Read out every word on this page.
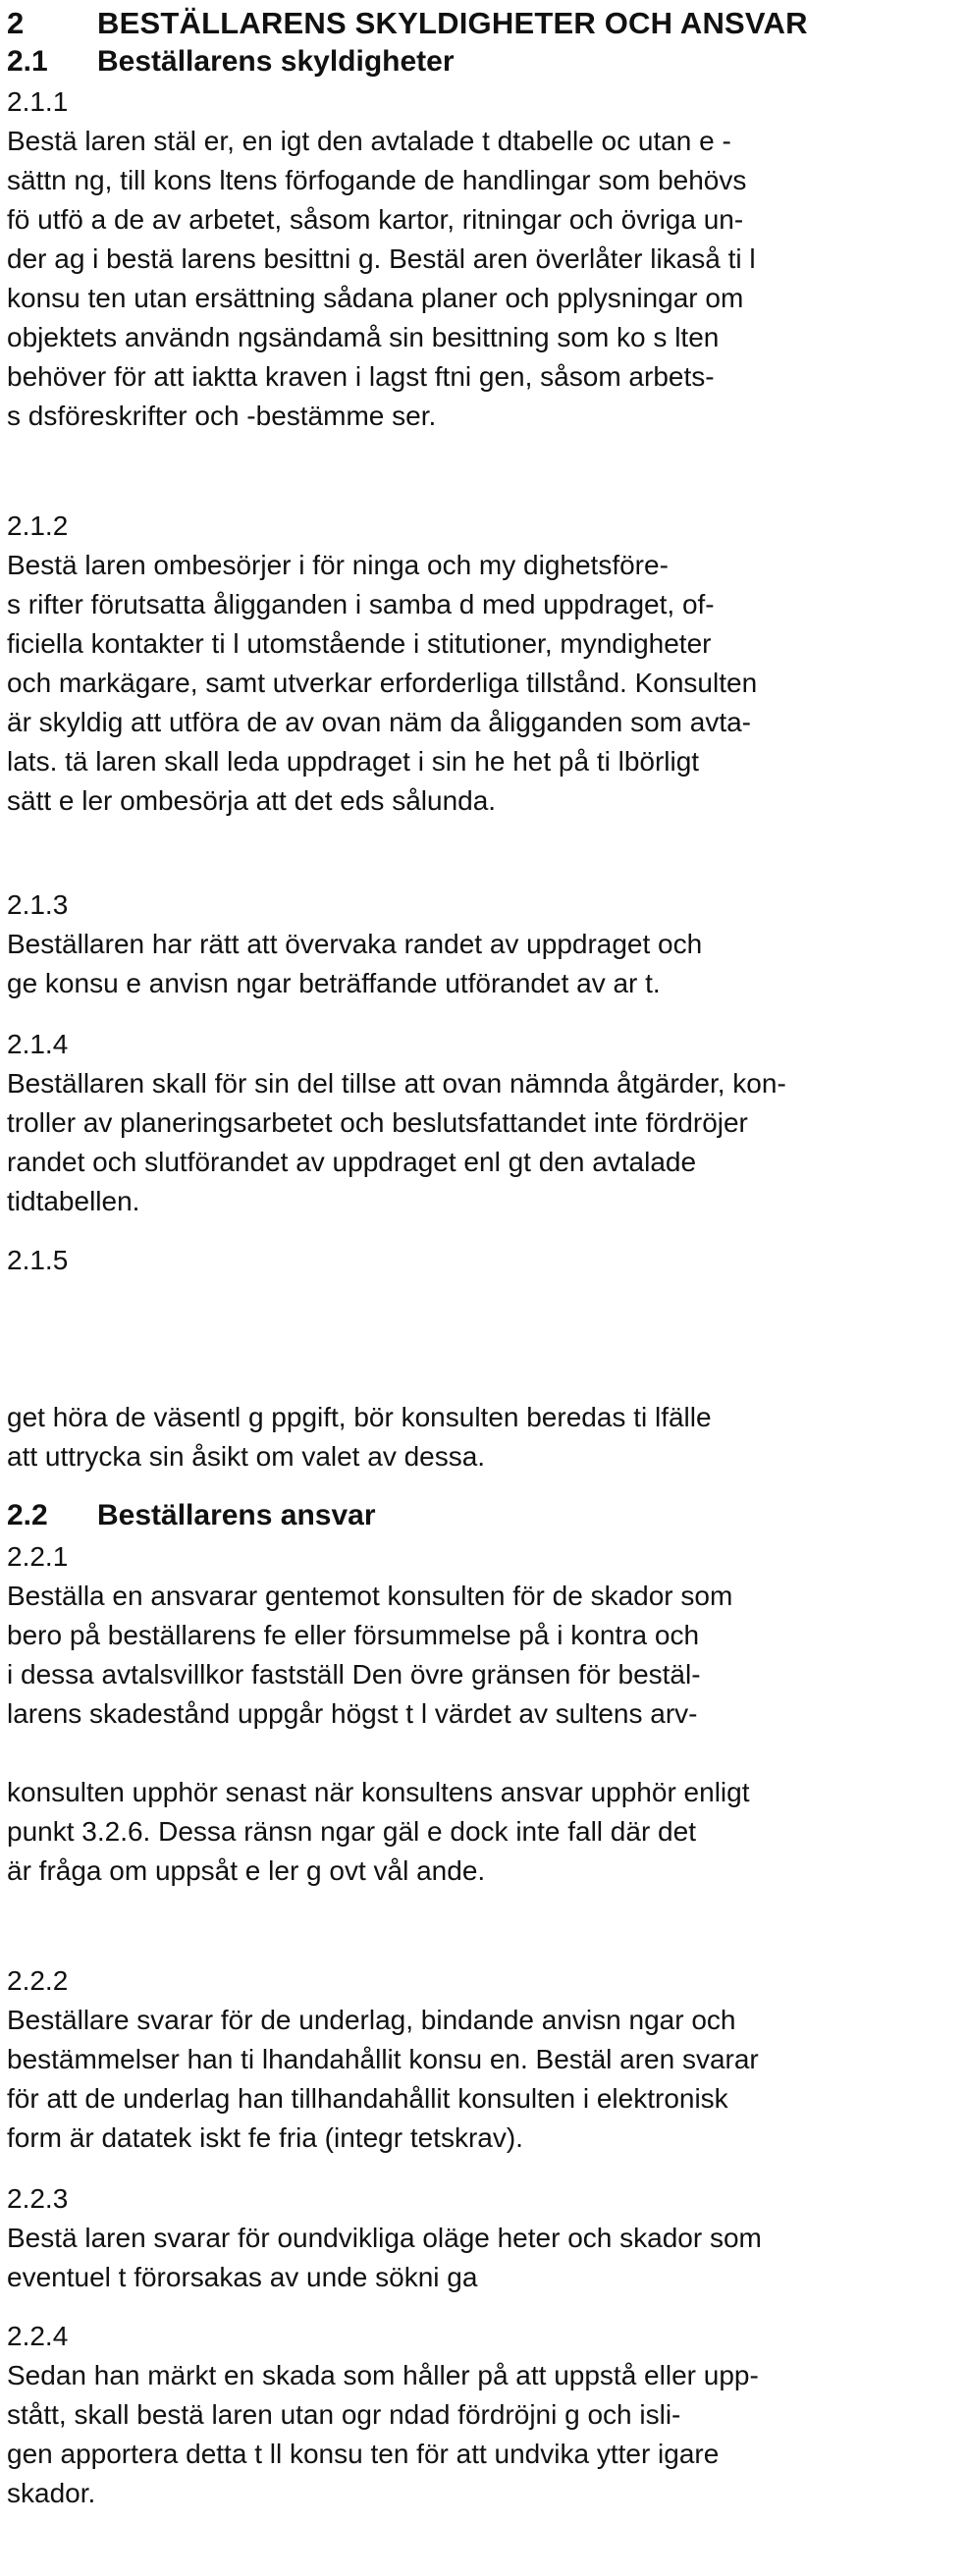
2 BESTÄLLARENS SKYLDIGHETER OCH ANSVAR
2.1 Beställarens skyldigheter
2.1.1
Bestä laren stäl er, en igt den avtalade t dtabelle oc utan e -
sättn ng, till kons ltens förfogande de handlingar som behövs
fö utfö a de av arbetet, såsom kartor, ritningar och övriga un-
der ag i bestä larens besittni g. Bestäl aren överlåter likaså ti l
konsu ten utan ersättning sådana planer och pplysningar om
objektets användn ngsändamå sin besittning som ko s lten
behöver för att iaktta kraven i lagst ftni gen, såsom arbets-
s dsföreskrifter och -bestämme ser.
2.1.2
Bestä laren ombesörjer i för ninga och my dighetsföre-
s rifter förutsatta åligganden i samba d med uppdraget, of-
ficiella kontakter ti l utomstående i stitutioner, myndigheter
och markägare, samt utverkar erforderliga tillstånd. Konsulten
är skyldig att utföra de av ovan näm da åligganden som avta-
lats. tä laren skall leda uppdraget i sin he het på ti lbörligt
sätt e ler ombesörja att det eds sålunda.
2.1.3
Beställaren har rätt att övervaka randet av uppdraget och
ge konsu e anvisn ngar beträffande utförandet av ar t.
2.1.4
Beställaren skall för sin del tillse att ovan nämnda åtgärder, kon-
troller av planeringsarbetet och beslutsfattandet inte fördröjer
randet och slutförandet av uppdraget enl gt den avtalade
tidtabellen.
2.1.5
get höra de väsentl g ppgift, bör konsulten beredas ti lfälle
att uttrycka sin åsikt om valet av dessa.
2.2 Beställarens ansvar
2.2.1
Beställa en ansvarar gentemot konsulten för de skador som
bero på beställarens fe eller försummelse på i kontra och
i dessa avtalsvillkor fastställ Den övre gränsen för bestäl-
larens skadestånd uppgår högst t l värdet av sultens arv-
konsulten upphör senast när konsultens ansvar upphör enligt
punkt 3.2.6. Dessa ränsn ngar gäl e dock inte fall där det
är fråga om uppsåt e ler g ovt vål ande.
2.2.2
Beställare svarar för de underlag, bindande anvisn ngar och
bestämmelser han ti lhandahållit konsu en. Bestäl aren svarar
för att de underlag han tillhandahållit konsulten i elektronisk
form är datatek iskt fe fria (integr tetskrav).
2.2.3
Bestä laren svarar för oundvikliga oläge heter och skador som
eventuel t förorsakas av unde sökni ga
2.2.4
Sedan han märkt en skada som håller på att uppstå eller upp-
stått, skall bestä laren utan ogr ndad fördröjni g och isli-
gen apportera detta t ll konsu ten för att undvika ytter igare
skador.
